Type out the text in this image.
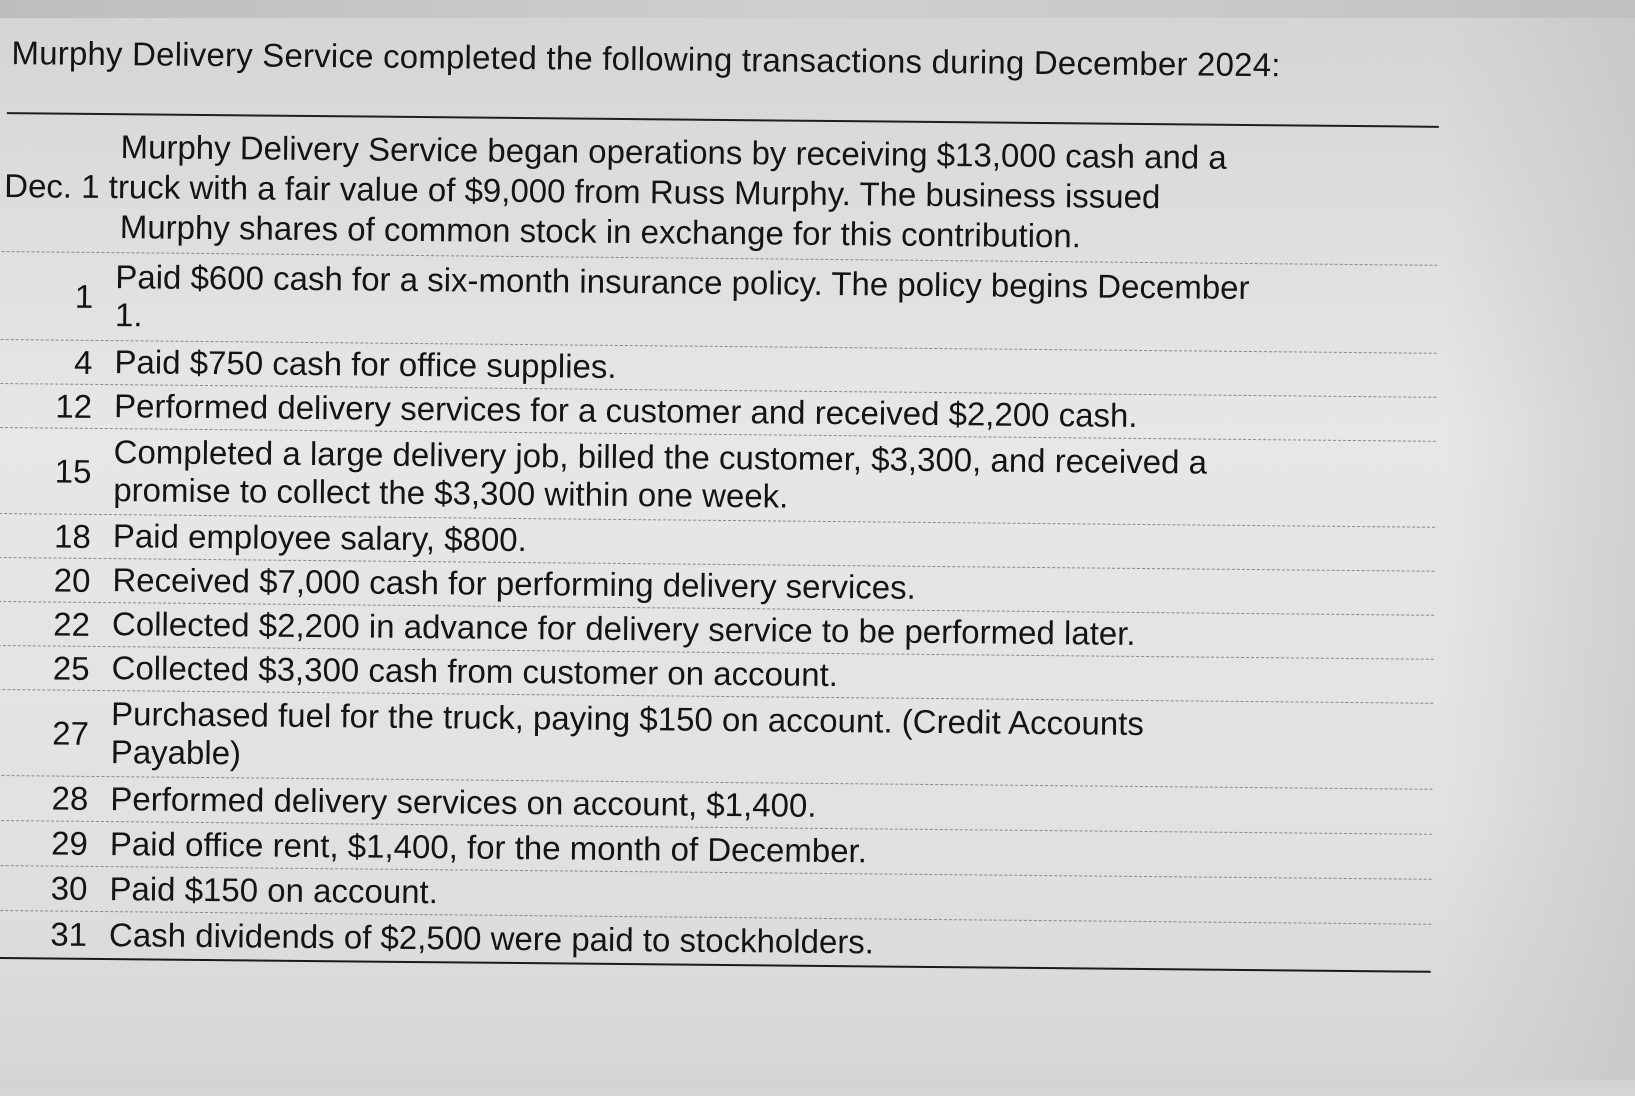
Murphy Delivery Service completed the following transactions during December 2024:
Murphy Delivery Service began operations by receiving $13,000 cash and a
Dec. 1 truck with a fair value of $9,000 from Russ Murphy. The business issued
Murphy shares of common stock in exchange for this contribution.
1 Paid $600 cash for a six-month insurance policy. The policy begins December
1.
4 Paid $750 cash for office supplies.
12 Performed delivery services for a customer and received $2,200 cash.
15 Completed a large delivery job, billed the customer, $3,300, and received a
promise to collect the $3,300 within one week.
18 Paid employee salary, $800.
20 Received $7,000 cash for performing delivery services.
22 Collected $2,200 in advance for delivery service to be performed later.
25 Collected $3,300 cash from customer on account.
27 Purchased fuel for the truck, paying $150 on account. (Credit Accounts
Payable)
28 Performed delivery services on account, $1,400.
29 Paid office rent, $1,400, for the month of December.
30 Paid $150 on account.
31 Cash dividends of $2,500 were paid to stockholders.
